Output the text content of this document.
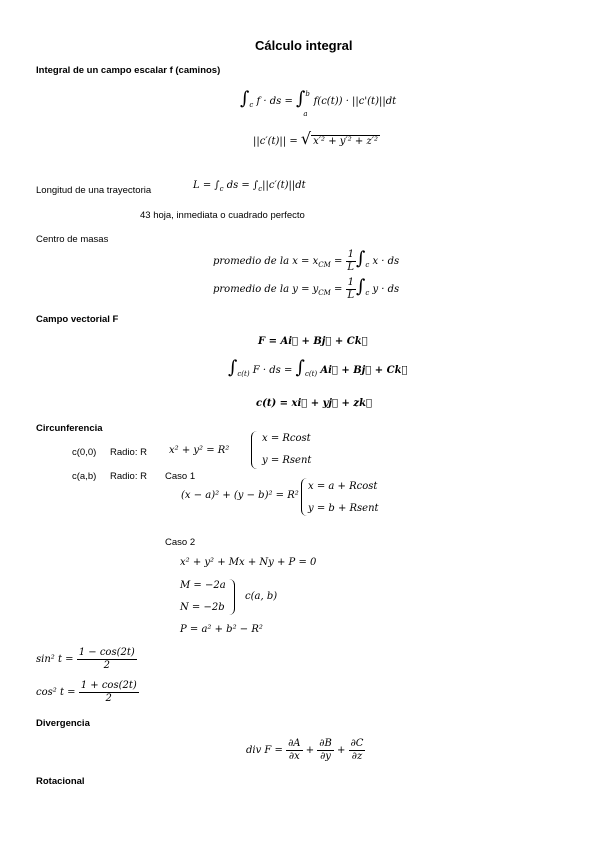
Cálculo integral
Integral de un campo escalar f (caminos)
$\int_c$ f · ds = ∫ b
a
f(c(t)) · ||c'(t)||dt
||c′(t)|| = √ x′² + y′² + z′²
Longitud de una trayectoria	$L = \int_c$ ds = $\int_c||c'(t)||dt$
43 hoja, inmediata o cuadrado perfecto
Centro de masas
promedio de la $x = x_{CM} = \frac{1}{L} \int_c$ x · ds
promedio de la $y = y_{CM} = \frac{1}{L} \int_c$ y · ds
Campo vectorial F
F = Ai⃗ + Bj⃗ + Ck⃗
$\int_{c(t)}$ F · ds = $\int_{c(t)}$ Ai⃗ + Bj⃗ + Ck⃗
c(t) = xi⃗ + yj⃗ + zk⃗
Circunferencia
c(0,0) Radio: R x² + y² = R²
x = Rcost
y = Rsent
c(a,b) Radio: R Caso 1
(x − a)² + (y − b)² = R²
x = a + Rcost
y = b + Rsent
Caso 2
x² + y² + Mx + Ny + P = 0
M = −2a
N = −2b
c(a, b)
P = a² + b² − R²
sin² $t = \frac{1 - \cos(2t)}{2}$
cos² $t = \frac{1 + \cos(2t)}{2}$
Divergencia
div $F = \frac{\partial A}{\partial x} + \frac{\partial B}{\partial y} + \frac{\partial C}{\partial z}$
Rotacional
